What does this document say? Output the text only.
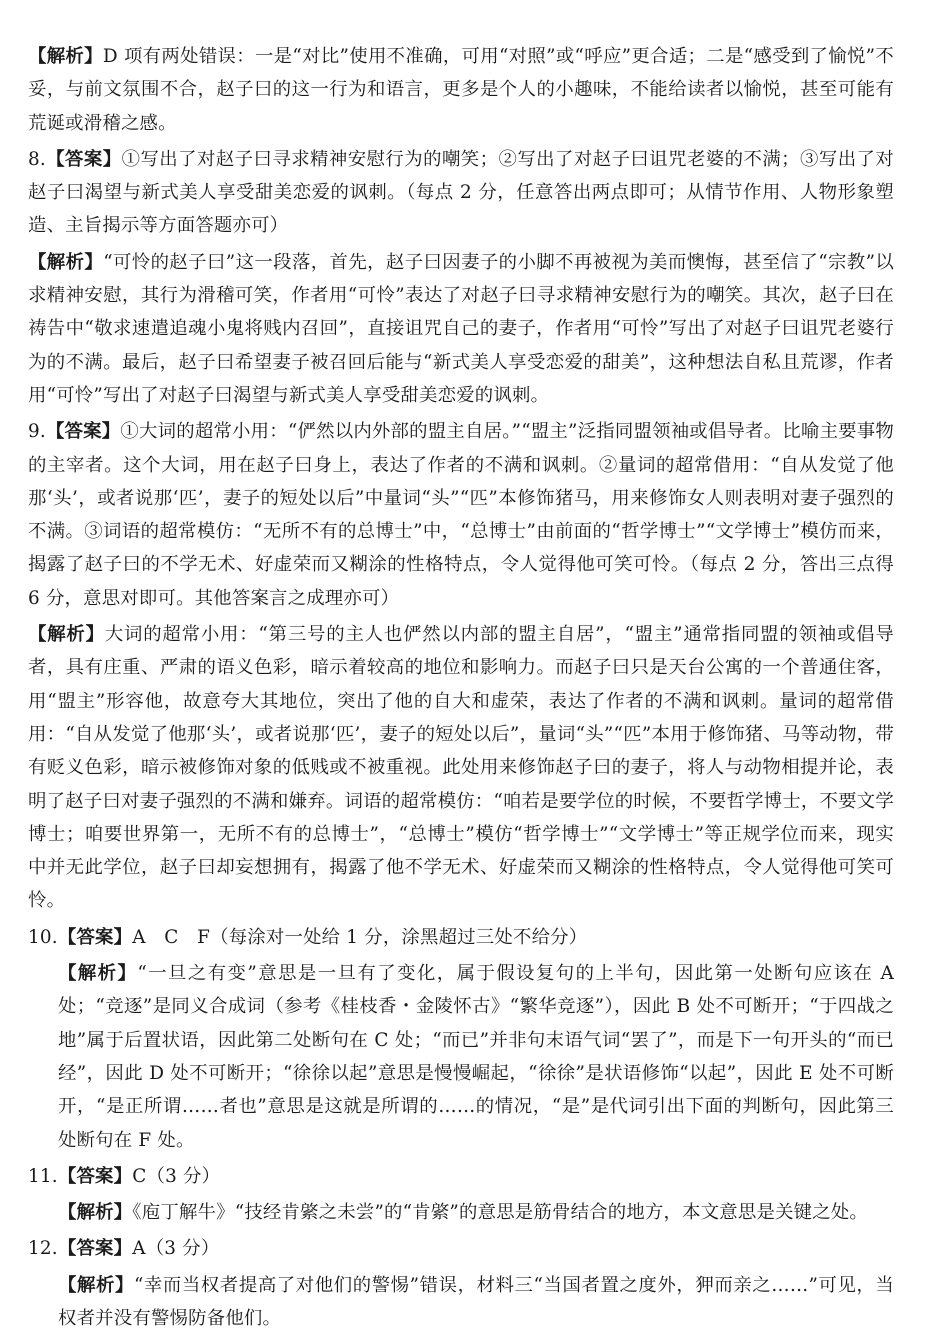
【解析】D 项有两处错误：一是“对比”使用不准确，可用“对照”或“呼应”更合适；二是“感受到了愉悦”不妥，与前文氛围不合，赵子曰的这一行为和语言，更多是个人的小趣味，不能给读者以愉悦，甚至可能有荒诞或滑稽之感。

8.【答案】①写出了对赵子曰寻求精神安慰行为的嘲笑；②写出了对赵子曰诅咒老婆的不满；③写出了对赵子曰渴望与新式美人享受甜美恋爱的讽刺。（每点 2 分，任意答出两点即可；从情节作用、人物形象塑造、主旨揭示等方面答题亦可）

【解析】“可怜的赵子曰”这一段落，首先，赵子曰因妻子的小脚不再被视为美而懊悔，甚至信了“宗教”以求精神安慰，其行为滑稽可笑，作者用“可怜”表达了对赵子曰寻求精神安慰行为的嘲笑。其次，赵子曰在祷告中“敬求速遣追魂小鬼将贱内召回”，直接诅咒自己的妻子，作者用“可怜”写出了对赵子曰诅咒老婆行为的不满。最后，赵子曰希望妻子被召回后能与“新式美人享受恋爱的甜美”，这种想法自私且荒谬，作者用“可怜”写出了对赵子曰渴望与新式美人享受甜美恋爱的讽刺。

9.【答案】①大词的超常小用：“俨然以内外部的盟主自居。”“盟主”泛指同盟领袖或倡导者。比喻主要事物的主宰者。这个大词，用在赵子曰身上，表达了作者的不满和讽刺。②量词的超常借用：“自从发觉了他那‘头’，或者说那‘匹’，妻子的短处以后”中量词“头”“匹”本修饰猪马，用来修饰女人则表明对妻子强烈的不满。③词语的超常模仿：“无所不有的总博士”中，“总博士”由前面的“哲学博士”“文学博士”模仿而来，揭露了赵子曰的不学无术、好虚荣而又糊涂的性格特点，令人觉得他可笑可怜。（每点 2 分，答出三点得 6 分，意思对即可。其他答案言之成理亦可）

【解析】大词的超常小用：“第三号的主人也俨然以内部的盟主自居”，“盟主”通常指同盟的领袖或倡导者，具有庄重、严肃的语义色彩，暗示着较高的地位和影响力。而赵子曰只是天台公寓的一个普通住客，用“盟主”形容他，故意夸大其地位，突出了他的自大和虚荣，表达了作者的不满和讽刺。量词的超常借用：“自从发觉了他那‘头’，或者说那‘匹’，妻子的短处以后”，量词“头”“匹”本用于修饰猪、马等动物，带有贬义色彩，暗示被修饰对象的低贱或不被重视。此处用来修饰赵子曰的妻子，将人与动物相提并论，表明了赵子曰对妻子强烈的不满和嫌弃。词语的超常模仿：“咱若是要学位的时候，不要哲学博士，不要文学博士；咱要世界第一，无所不有的总博士”，“总博士”模仿“哲学博士”“文学博士”等正规学位而来，现实中并无此学位，赵子曰却妄想拥有，揭露了他不学无术、好虚荣而又糊涂的性格特点，令人觉得他可笑可怜。

10.【答案】A　C　F（每涂对一处给 1 分，涂黑超过三处不给分）

【解析】“一旦之有变”意思是一旦有了变化，属于假设复句的上半句，因此第一处断句应该在 A 处；“竞逐”是同义合成词（参考《桂枝香・金陵怀古》“繁华竞逐”），因此 B 处不可断开；“于四战之地”属于后置状语，因此第二处断句在 C 处；“而已”并非句末语气词“罢了”，而是下一句开头的“而已经”，因此 D 处不可断开；“徐徐以起”意思是慢慢崛起，“徐徐”是状语修饰“以起”，因此 E 处不可断开，“是正所谓……者也”意思是这就是所谓的……的情况，“是”是代词引出下面的判断句，因此第三处断句在 F 处。

11.【答案】C（3 分）

【解析】《庖丁解牛》“技经肯綮之未尝”的“肯綮”的意思是筋骨结合的地方，本文意思是关键之处。

12.【答案】A（3 分）

【解析】“幸而当权者提高了对他们的警惕”错误，材料三“当国者置之度外，狎而亲之……”可见，当权者并没有警惕防备他们。
